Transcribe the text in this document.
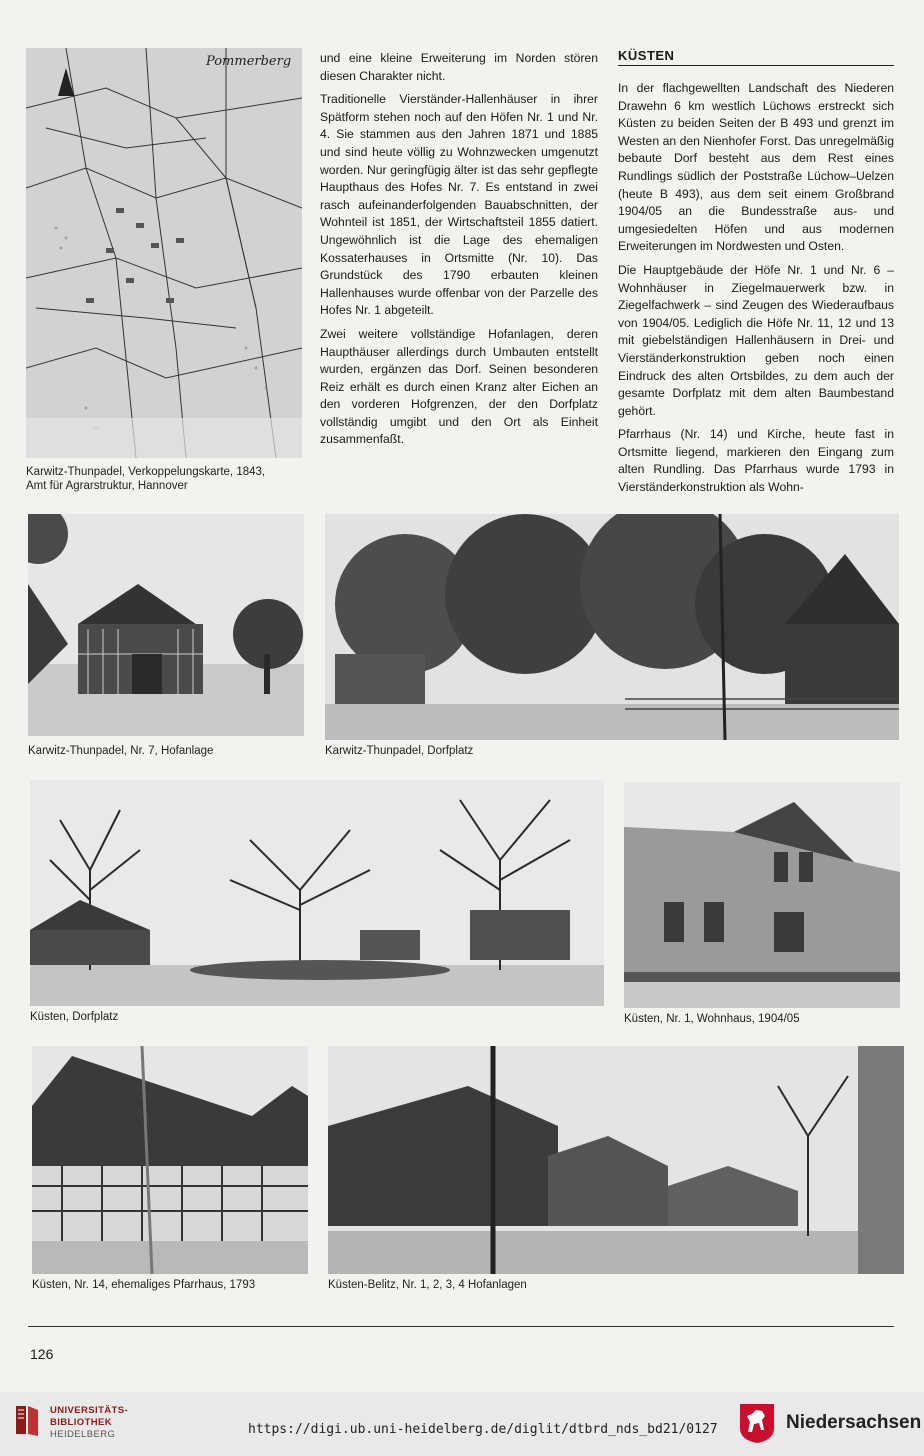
Pommerberg
Karwitz-Thunpadel, Verkoppelungskarte, 1843, Amt für Agrarstruktur, Hannover

und eine kleine Erweiterung im Norden stören diesen Charakter nicht.

Traditionelle Vierständer-Hallenhäuser in ihrer Spätform stehen noch auf den Höfen Nr. 1 und Nr. 4. Sie stammen aus den Jahren 1871 und 1885 und sind heute völlig zu Wohnzwecken umgenutzt worden. Nur geringfügig älter ist das sehr gepflegte Haupthaus des Hofes Nr. 7. Es entstand in zwei rasch aufeinanderfolgenden Bauabschnitten, der Wohnteil ist 1851, der Wirtschaftsteil 1855 datiert. Ungewöhnlich ist die Lage des ehemaligen Kossaterhauses in Ortsmitte (Nr. 10). Das Grundstück des 1790 erbauten kleinen Hallenhauses wurde offenbar von der Parzelle des Hofes Nr. 1 abgeteilt.

Zwei weitere vollständige Hofanlagen, deren Haupthäuser allerdings durch Umbauten entstellt wurden, ergänzen das Dorf. Seinen besonderen Reiz erhält es durch einen Kranz alter Eichen an den vorderen Hofgrenzen, der den Dorfplatz vollständig umgibt und den Ort als Einheit zusammenfaßt.

KÜSTEN

In der flachgewellten Landschaft des Niederen Drawehn 6 km westlich Lüchows erstreckt sich Küsten zu beiden Seiten der B 493 und grenzt im Westen an den Nienhofer Forst. Das unregelmäßig bebaute Dorf besteht aus dem Rest eines Rundlings südlich der Poststraße Lüchow–Uelzen (heute B 493), aus dem seit einem Großbrand 1904/05 an die Bundesstraße aus- und umgesiedelten Höfen und aus modernen Erweiterungen im Nordwesten und Osten.

Die Hauptgebäude der Höfe Nr. 1 und Nr. 6 – Wohnhäuser in Ziegelmauerwerk bzw. in Ziegelfachwerk – sind Zeugen des Wiederaufbaus von 1904/05. Lediglich die Höfe Nr. 11, 12 und 13 mit giebelständigen Hallenhäusern in Drei- und Vierständerkonstruktion geben noch einen Eindruck des alten Ortsbildes, zu dem auch der gesamte Dorfplatz mit dem alten Baumbestand gehört.

Pfarrhaus (Nr. 14) und Kirche, heute fast in Ortsmitte liegend, markieren den Eingang zum alten Rundling. Das Pfarrhaus wurde 1793 in Vierständerkonstruktion als Wohn-

Karwitz-Thunpadel, Nr. 7, Hofanlage	Karwitz-Thunpadel, Dorfplatz
Küsten, Dorfplatz	Küsten, Nr. 1, Wohnhaus, 1904/05
Küsten, Nr. 14, ehemaliges Pfarrhaus, 1793	Küsten-Belitz, Nr. 1, 2, 3, 4 Hofanlagen
126
UNIVERSITÄTS-
BIBLIOTHEK
HEIDELBERG	https://digi.ub.uni-heidelberg.de/diglit/dtbrd_nds_bd21/0127	Niedersachsen
